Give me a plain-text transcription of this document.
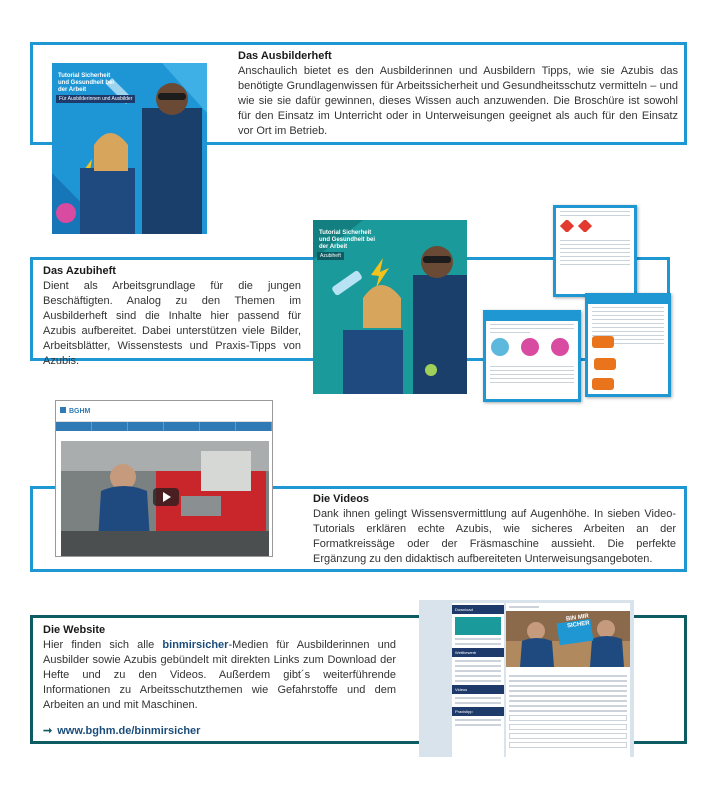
Tutorial Sicherheit und Gesundheit bei der Arbeit
Für Ausbilderinnen und Ausbilder
Das Ausbilderheft

Anschaulich bietet es den Ausbilderinnen und Ausbildern Tipps, wie sie Azubis das benötigte Grundlagenwissen für Arbeitssicherheit und Gesundheitsschutz vermitteln – und wie sie sie dafür gewinnen, dieses Wissen auch anzuwenden. Die Broschüre ist sowohl für den Einsatz im Unterricht oder in Unterweisungen geeignet als auch für den Einsatz vor Ort im Betrieb.

Tutorial Sicherheit und Gesundheit bei der Arbeit
Azubiheft

Das Azubiheft

Dient als Arbeitsgrundlage für die jungen Beschäftigten. Analog zu den Themen im Ausbilderheft sind die Inhalte hier passend für Azubis aufbereitet. Dabei unterstützen viele Bilder, Arbeitsblätter, Wissenstests und Praxis-Tipps von Azubis.

BGHM
Die Videos

Dank ihnen gelingt Wissensvermittlung auf Augenhöhe. In sieben Video-Tutorials erklären echte Azubis, wie sicheres Arbeiten an der Formatkreissäge oder der Fräsmaschine aussieht. Die perfekte Ergänzung zu den didaktisch aufbereiteten Unterweisungsangeboten.

Die Website

Hier finden sich alle binmirsicher-Medien für Ausbilderinnen und Ausbilder sowie Azubis gebündelt mit direkten Links zum Download der Hefte und zu den Videos. Außerdem gibt´s weiterführende Informationen zu Arbeitsschutzthemen wie Gefahrstoffe und dem Arbeiten an und mit Maschinen.

➞ www.bghm.de/binmirsicher
Download
Wettbewerb
Videos
Praxistipp
BIN MIR SICHER
